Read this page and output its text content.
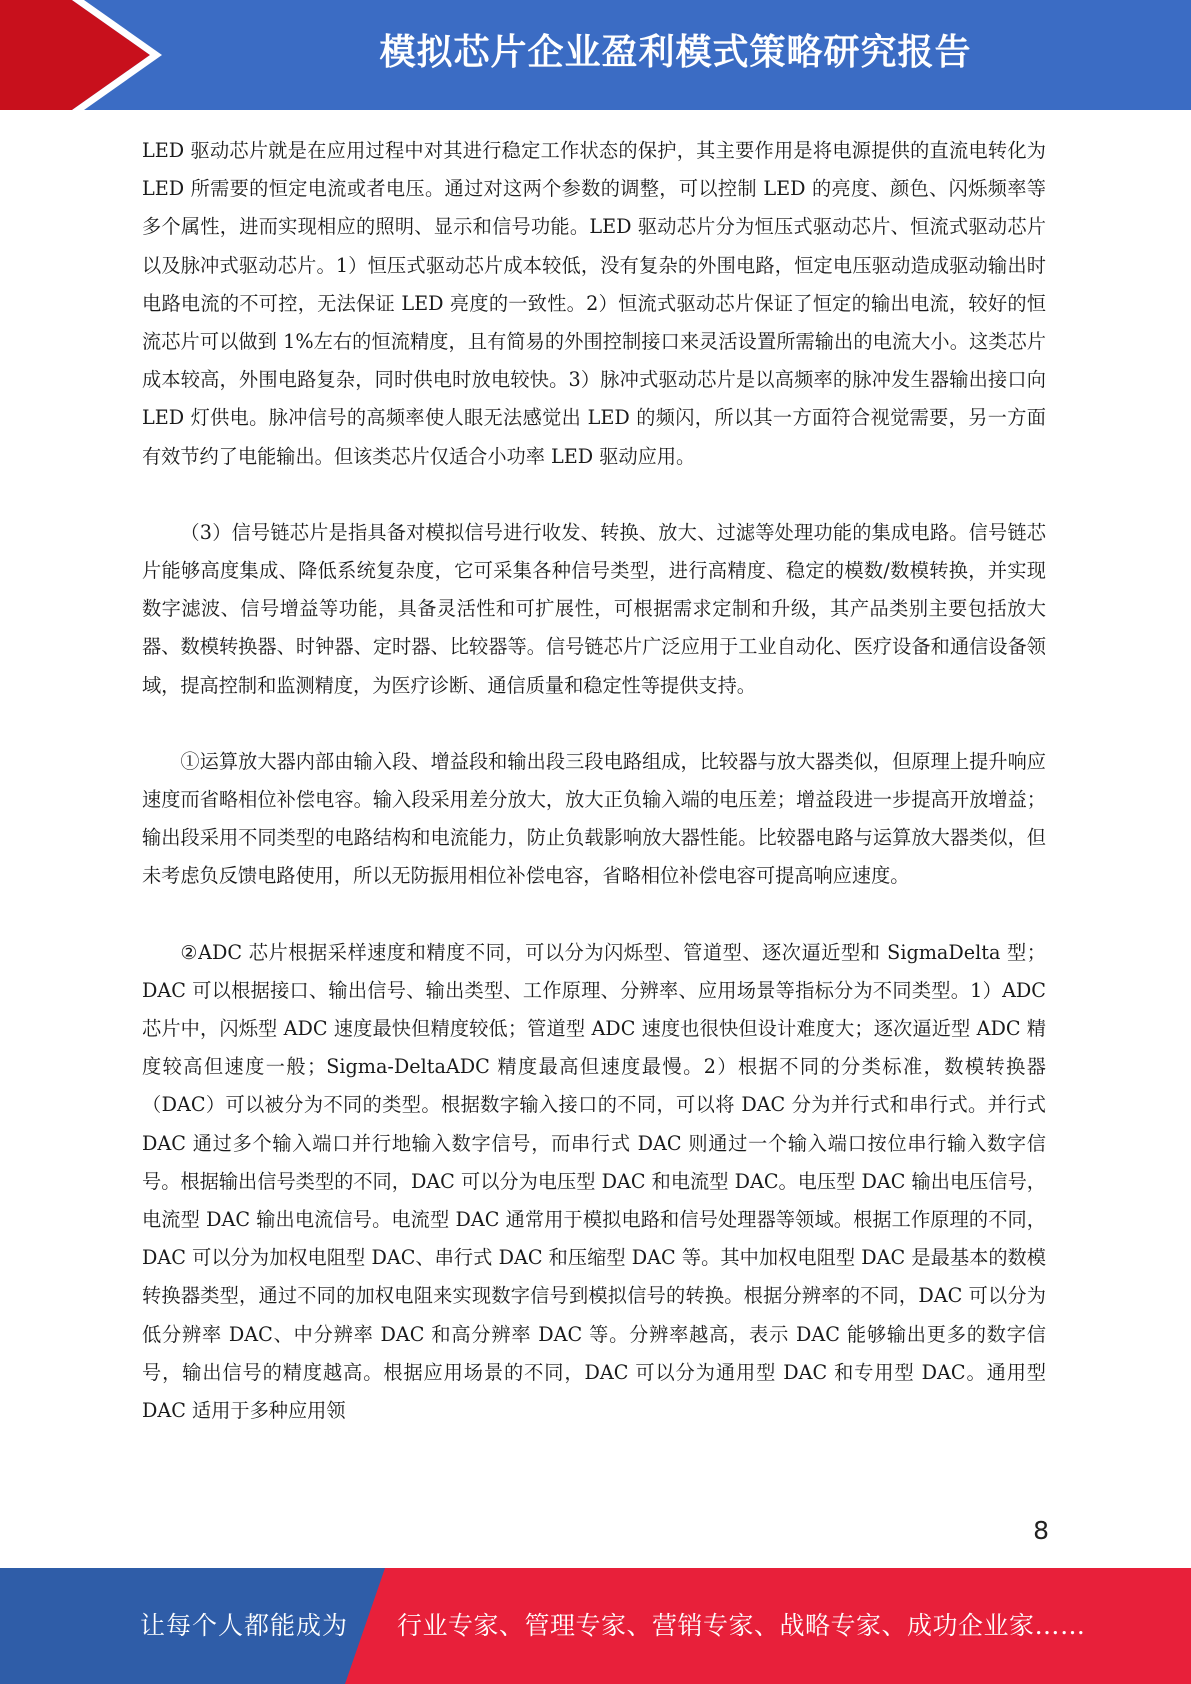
模拟芯片企业盈利模式策略研究报告

LED 驱动芯片就是在应用过程中对其进行稳定工作状态的保护，其主要作用是将电源提供的直流电转化为 LED 所需要的恒定电流或者电压。通过对这两个参数的调整，可以控制 LED 的亮度、颜色、闪烁频率等多个属性，进而实现相应的照明、显示和信号功能。LED 驱动芯片分为恒压式驱动芯片、恒流式驱动芯片以及脉冲式驱动芯片。1）恒压式驱动芯片成本较低，没有复杂的外围电路，恒定电压驱动造成驱动输出时电路电流的不可控，无法保证 LED 亮度的一致性。2）恒流式驱动芯片保证了恒定的输出电流，较好的恒流芯片可以做到 1%左右的恒流精度，且有简易的外围控制接口来灵活设置所需输出的电流大小。这类芯片成本较高，外围电路复杂，同时供电时放电较快。3）脉冲式驱动芯片是以高频率的脉冲发生器输出接口向 LED 灯供电。脉冲信号的高频率使人眼无法感觉出 LED 的频闪，所以其一方面符合视觉需要，另一方面有效节约了电能输出。但该类芯片仅适合小功率 LED 驱动应用。

（3）信号链芯片是指具备对模拟信号进行收发、转换、放大、过滤等处理功能的集成电路。信号链芯片能够高度集成、降低系统复杂度，它可采集各种信号类型，进行高精度、稳定的模数/数模转换，并实现数字滤波、信号增益等功能，具备灵活性和可扩展性，可根据需求定制和升级，其产品类别主要包括放大器、数模转换器、时钟器、定时器、比较器等。信号链芯片广泛应用于工业自动化、医疗设备和通信设备领域，提高控制和监测精度，为医疗诊断、通信质量和稳定性等提供支持。

①运算放大器内部由输入段、增益段和输出段三段电路组成，比较器与放大器类似，但原理上提升响应速度而省略相位补偿电容。输入段采用差分放大，放大正负输入端的电压差；增益段进一步提高开放增益；输出段采用不同类型的电路结构和电流能力，防止负载影响放大器性能。比较器电路与运算放大器类似，但未考虑负反馈电路使用，所以无防振用相位补偿电容，省略相位补偿电容可提高响应速度。

②ADC 芯片根据采样速度和精度不同，可以分为闪烁型、管道型、逐次逼近型和 SigmaDelta 型；DAC 可以根据接口、输出信号、输出类型、工作原理、分辨率、应用场景等指标分为不同类型。1）ADC 芯片中，闪烁型 ADC 速度最快但精度较低；管道型 ADC 速度也很快但设计难度大；逐次逼近型 ADC 精度较高但速度一般；Sigma-DeltaADC 精度最高但速度最慢。2）根据不同的分类标准，数模转换器（DAC）可以被分为不同的类型。根据数字输入接口的不同，可以将 DAC 分为并行式和串行式。并行式 DAC 通过多个输入端口并行地输入数字信号，而串行式 DAC 则通过一个输入端口按位串行输入数字信号。根据输出信号类型的不同，DAC 可以分为电压型 DAC 和电流型 DAC。电压型 DAC 输出电压信号，电流型 DAC 输出电流信号。电流型 DAC 通常用于模拟电路和信号处理器等领域。根据工作原理的不同，DAC 可以分为加权电阻型 DAC、串行式 DAC 和压缩型 DAC 等。其中加权电阻型 DAC 是最基本的数模转换器类型，通过不同的加权电阻来实现数字信号到模拟信号的转换。根据分辨率的不同，DAC 可以分为低分辨率 DAC、中分辨率 DAC 和高分辨率 DAC 等。分辨率越高，表示 DAC 能够输出更多的数字信号，输出信号的精度越高。根据应用场景的不同，DAC 可以分为通用型 DAC 和专用型 DAC。通用型 DAC 适用于多种应用领

8
让每个人都能成为 行业专家、管理专家、营销专家、战略专家、成功企业家……
